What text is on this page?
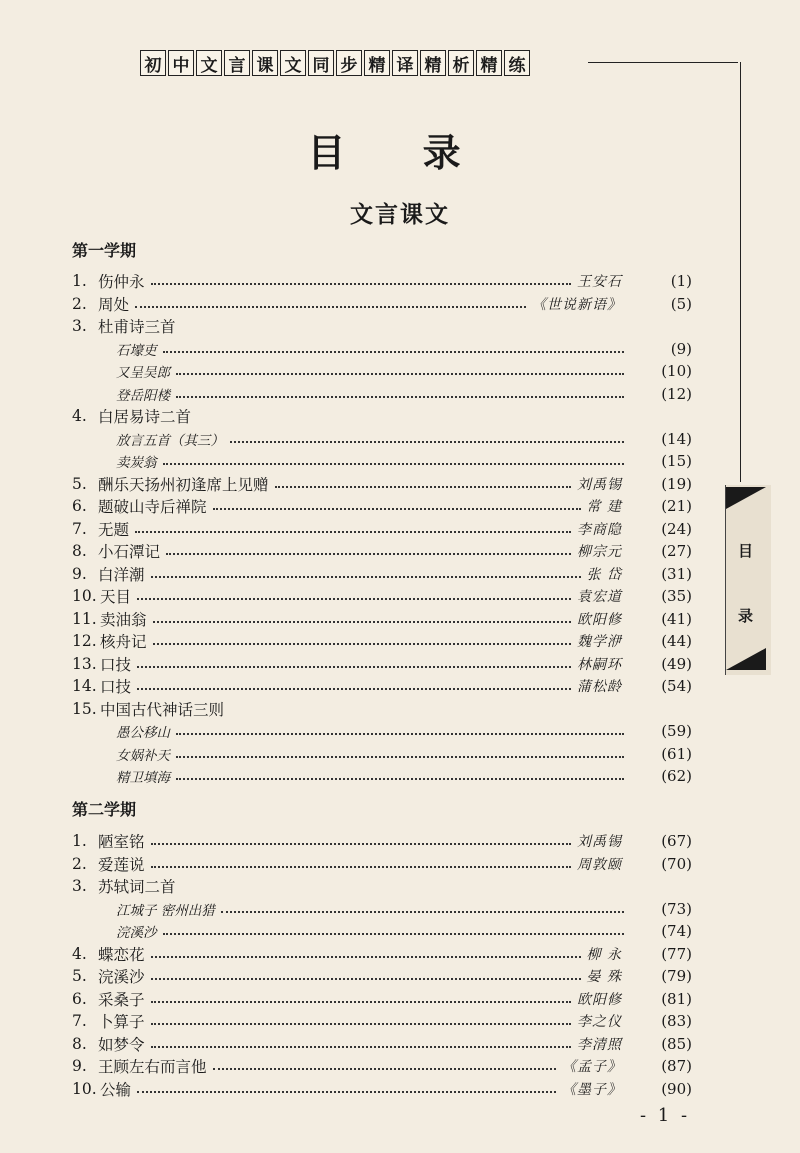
初 中 文 言 课 文 同 步 精 译 精 析 精 练
目
录
目 录
文言课文
第一学期
1. 伤仲永	王安石	(1)
2. 周处	《世说新语》	(5)
3. 杜甫诗三首
石壕吏	(9)
又呈吴郎	(10)
登岳阳楼	(12)
4. 白居易诗二首
放言五首（其三）	(14)
卖炭翁	(15)
5. 酬乐天扬州初逢席上见赠	刘禹锡	(19)
6. 题破山寺后禅院	常 建	(21)
7. 无题	李商隐	(24)
8. 小石潭记	柳宗元	(27)
9. 白洋潮	张 岱	(31)
10. 天目	袁宏道	(35)
11. 卖油翁	欧阳修	(41)
12. 核舟记	魏学洢	(44)
13. 口技	林嗣环	(49)
14. 口技	蒲松龄	(54)
15. 中国古代神话三则
愚公移山	(59)
女娲补天	(61)
精卫填海	(62)
第二学期
1. 陋室铭	刘禹锡	(67)
2. 爱莲说	周敦颐	(70)
3. 苏轼词二首
江城子 密州出猎	(73)
浣溪沙	(74)
4. 蝶恋花	柳 永	(77)
5. 浣溪沙	晏 殊	(79)
6. 采桑子	欧阳修	(81)
7. 卜算子	李之仪	(83)
8. 如梦令	李清照	(85)
9. 王顾左右而言他	《孟子》	(87)
10. 公输	《墨子》	(90)
- 1 -
